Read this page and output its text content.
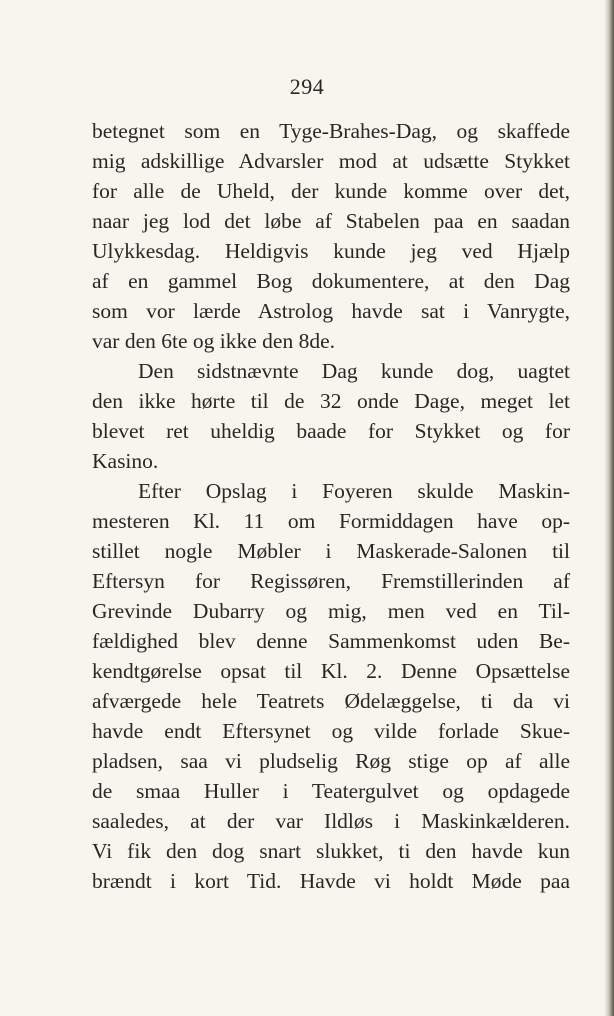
294
betegnet som en Tyge-Brahes-Dag, og skaffede
mig adskillige Advarsler mod at udsætte Stykket
for alle de Uheld, der kunde komme over det,
naar jeg lod det løbe af Stabelen paa en saadan
Ulykkesdag. Heldigvis kunde jeg ved Hjælp
af en gammel Bog dokumentere, at den Dag
som vor lærde Astrolog havde sat i Vanrygte,
var den 6te og ikke den 8de.
Den sidstnævnte Dag kunde dog, uagtet
den ikke hørte til de 32 onde Dage, meget let
blevet ret uheldig baade for Stykket og for
Kasino.
Efter Opslag i Foyeren skulde Maskin-
mesteren Kl. 11 om Formiddagen have op-
stillet nogle Møbler i Maskerade-Salonen til
Eftersyn for Regissøren, Fremstillerinden af
Grevinde Dubarry og mig, men ved en Til-
fældighed blev denne Sammenkomst uden Be-
kendtgørelse opsat til Kl. 2. Denne Opsættelse
afværgede hele Teatrets Ødelæggelse, ti da vi
havde endt Eftersynet og vilde forlade Skue-
pladsen, saa vi pludselig Røg stige op af alle
de smaa Huller i Teatergulvet og opdagede
saaledes, at der var Ildløs i Maskinkælderen.
Vi fik den dog snart slukket, ti den havde kun
brændt i kort Tid. Havde vi holdt Møde paa
